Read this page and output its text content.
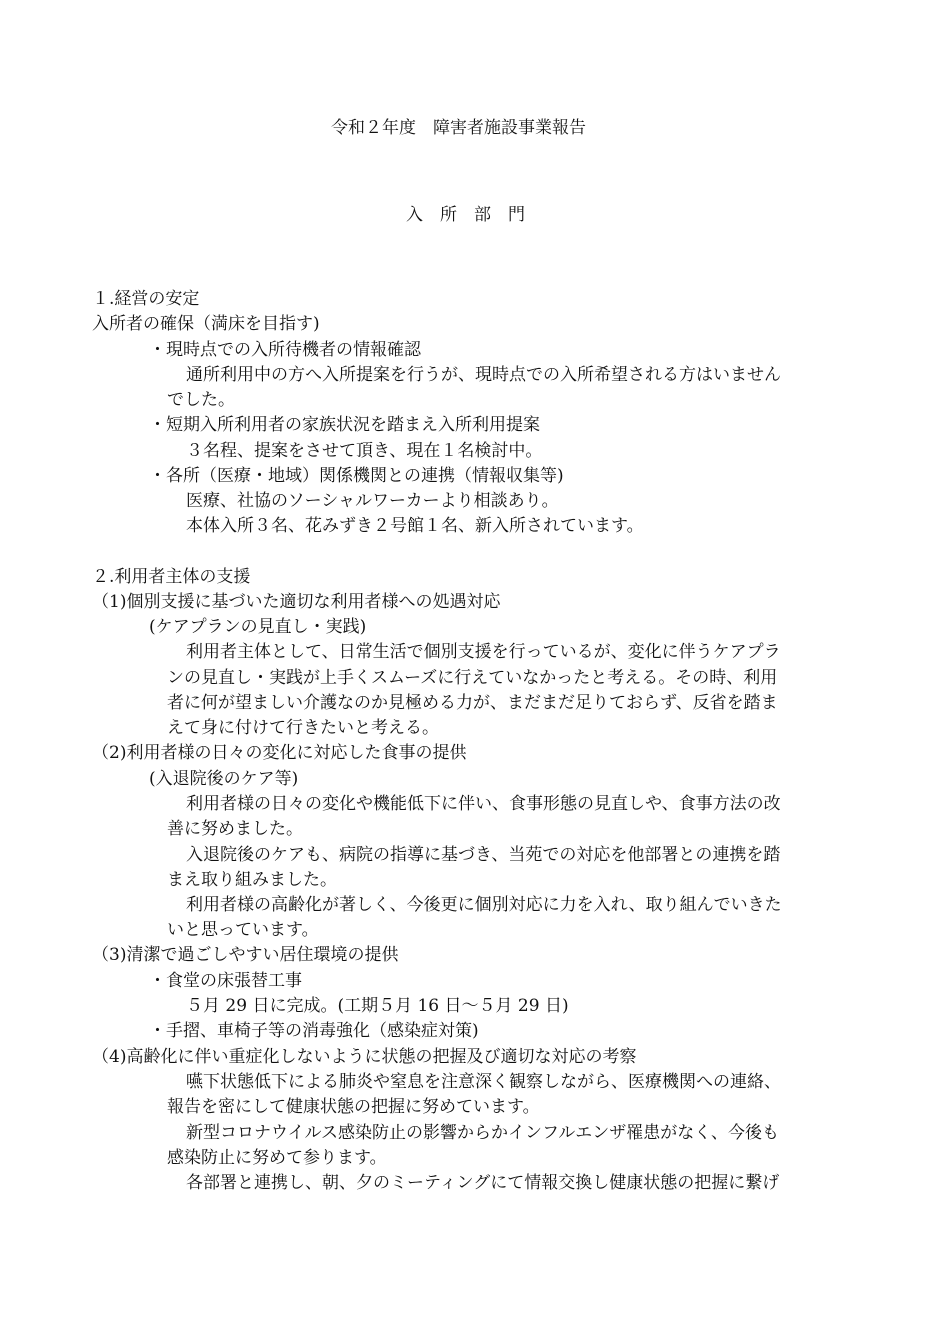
令和２年度　障害者施設事業報告
入　所　部　門
１.経営の安定
入所者の確保（満床を目指す)
・現時点での入所待機者の情報確認
通所利用中の方へ入所提案を行うが、現時点での入所希望される方はいません
でした。
・短期入所利用者の家族状況を踏まえ入所利用提案
３名程、提案をさせて頂き、現在１名検討中。
・各所（医療・地域）関係機関との連携（情報収集等)
医療、社協のソーシャルワーカーより相談あり。
本体入所３名、花みずき２号館１名、新入所されています。
２.利用者主体の支援
（1)個別支援に基づいた適切な利用者様への処遇対応
(ケアプランの見直し・実践)
利用者主体として、日常生活で個別支援を行っているが、変化に伴うケアプラ
ンの見直し・実践が上手くスムーズに行えていなかったと考える。その時、利用
者に何が望ましい介護なのか見極める力が、まだまだ足りておらず、反省を踏ま
えて身に付けて行きたいと考える。
（2)利用者様の日々の変化に対応した食事の提供
(入退院後のケア等)
利用者様の日々の変化や機能低下に伴い、食事形態の見直しや、食事方法の改
善に努めました。
入退院後のケアも、病院の指導に基づき、当苑での対応を他部署との連携を踏
まえ取り組みました。
利用者様の高齢化が著しく、今後更に個別対応に力を入れ、取り組んでいきた
いと思っています。
（3)清潔で過ごしやすい居住環境の提供
・食堂の床張替工事
５月 29 日に完成。(工期５月 16 日～５月 29 日)
・手摺、車椅子等の消毒強化（感染症対策)
（4)高齢化に伴い重症化しないように状態の把握及び適切な対応の考察
嚥下状態低下による肺炎や窒息を注意深く観察しながら、医療機関への連絡、
報告を密にして健康状態の把握に努めています。
新型コロナウイルス感染防止の影響からかインフルエンザ罹患がなく、今後も
感染防止に努めて参ります。
各部署と連携し、朝、夕のミーティングにて情報交換し健康状態の把握に繋げ
